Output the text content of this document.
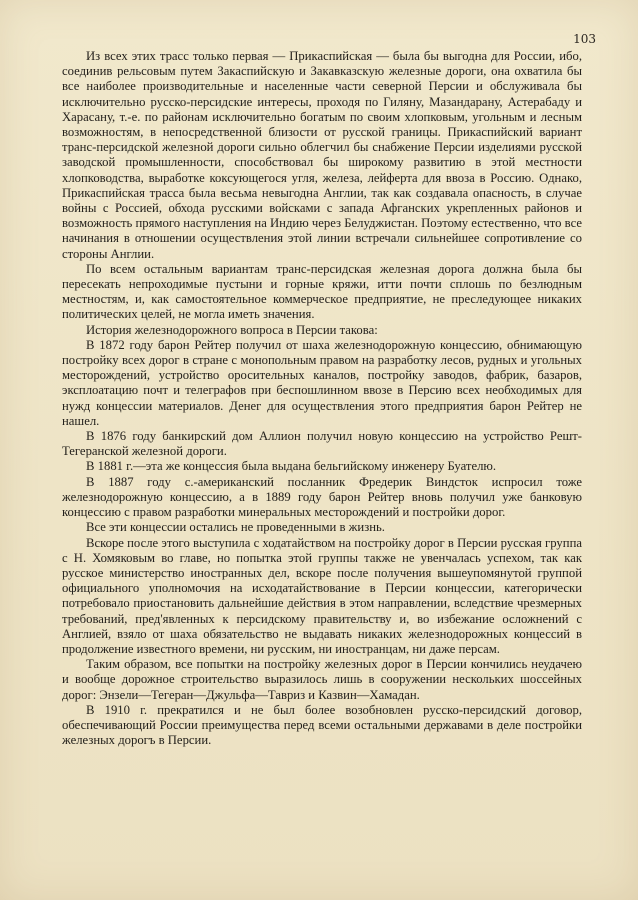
103

Из всех этих трасс только первая — Прикаспийская — была бы выгодна для России, ибо, соединив рельсовым путем Закаспийскую и Закавказскую железные дороги, она охватила бы все наиболее производительные и населенные части северной Персии и обслуживала бы исключительно русско-персидские интересы, проходя по Гиляну, Мазандарану, Астерабаду и Харасану, т.-е. по районам исключительно богатым по своим хлопковым, угольным и лесным возможностям, в непосредственной близости от русской границы. Прикаспийский вариант транс-персидской железной дороги сильно облегчил бы снабжение Персии изделиями русской заводской промышленности, способствовал бы широкому развитию в этой местности хлопководства, выработке коксующегося угля, железа, лейферта для ввоза в Россию. Однако, Прикаспийская трасса была весьма невыгодна Англии, так как создавала опасность, в случае войны с Россией, обхода русскими войсками с запада Афганских укрепленных районов и возможность прямого наступления на Индию через Белуджистан. Поэтому естественно, что все начинания в отношении осуществления этой линии встречали сильнейшее сопротивление со стороны Англии.

По всем остальным вариантам транс-персидская железная дорога должна была бы пересекать непроходимые пустыни и горные кряжи, итти почти сплошь по безлюдным местностям, и, как самостоятельное коммерческое предприятие, не преследующее никаких политических целей, не могла иметь значения.

История железнодорожного вопроса в Персии такова:

В 1872 году барон Рейтер получил от шаха железнодорожную концессию, обнимающую постройку всех дорог в стране с монопольным правом на разработку лесов, рудных и угольных месторождений, устройство оросительных каналов, постройку заводов, фабрик, базаров, эксплоатацию почт и телеграфов при беспошлинном ввозе в Персию всех необходимых для нужд концессии материалов. Денег для осуществления этого предприятия барон Рейтер не нашел.

В 1876 году банкирский дом Аллион получил новую концессию на устройство Решт-Тегеранской железной дороги.

В 1881 г.—эта же концессия была выдана бельгийскому инженеру Буателю.

В 1887 году с.-американский посланник Фредерик Виндсток испросил тоже железнодорожную концессию, а в 1889 году барон Рейтер вновь получил уже банковую концессию с правом разработки минеральных месторождений и постройки дорог.

Все эти концессии остались не проведенными в жизнь.

Вскоре после этого выступила с ходатайством на постройку дорог в Персии русская группа с Н. Хомяковым во главе, но попытка этой группы также не увенчалась успехом, так как русское министерство иностранных дел, вскоре после получения вышеупомянутой группой официального уполномочия на исходатайствование в Персии концессии, категорически потребовало приостановить дальнейшие действия в этом направлении, вследствие чрезмерных требований, пред'явленных к персидскому правительству и, во избежание осложнений с Англией, взяло от шаха обязательство не выдавать никаких железнодорожных концессий в продолжение известного времени, ни русским, ни иностранцам, ни даже персам.

Таким образом, все попытки на постройку железных дорог в Персии кончились неудачею и вообще дорожное строительство выразилось лишь в сооружении нескольких шоссейных дорог: Энзели—Тегеран—Джульфа—Тавриз и Казвин—Хамадан.

В 1910 г. прекратился и не был более возобновлен русско-персидский договор, обеспечивающий России преимущества перед всеми остальными державами в деле постройки железных дорогъ в Персии.
